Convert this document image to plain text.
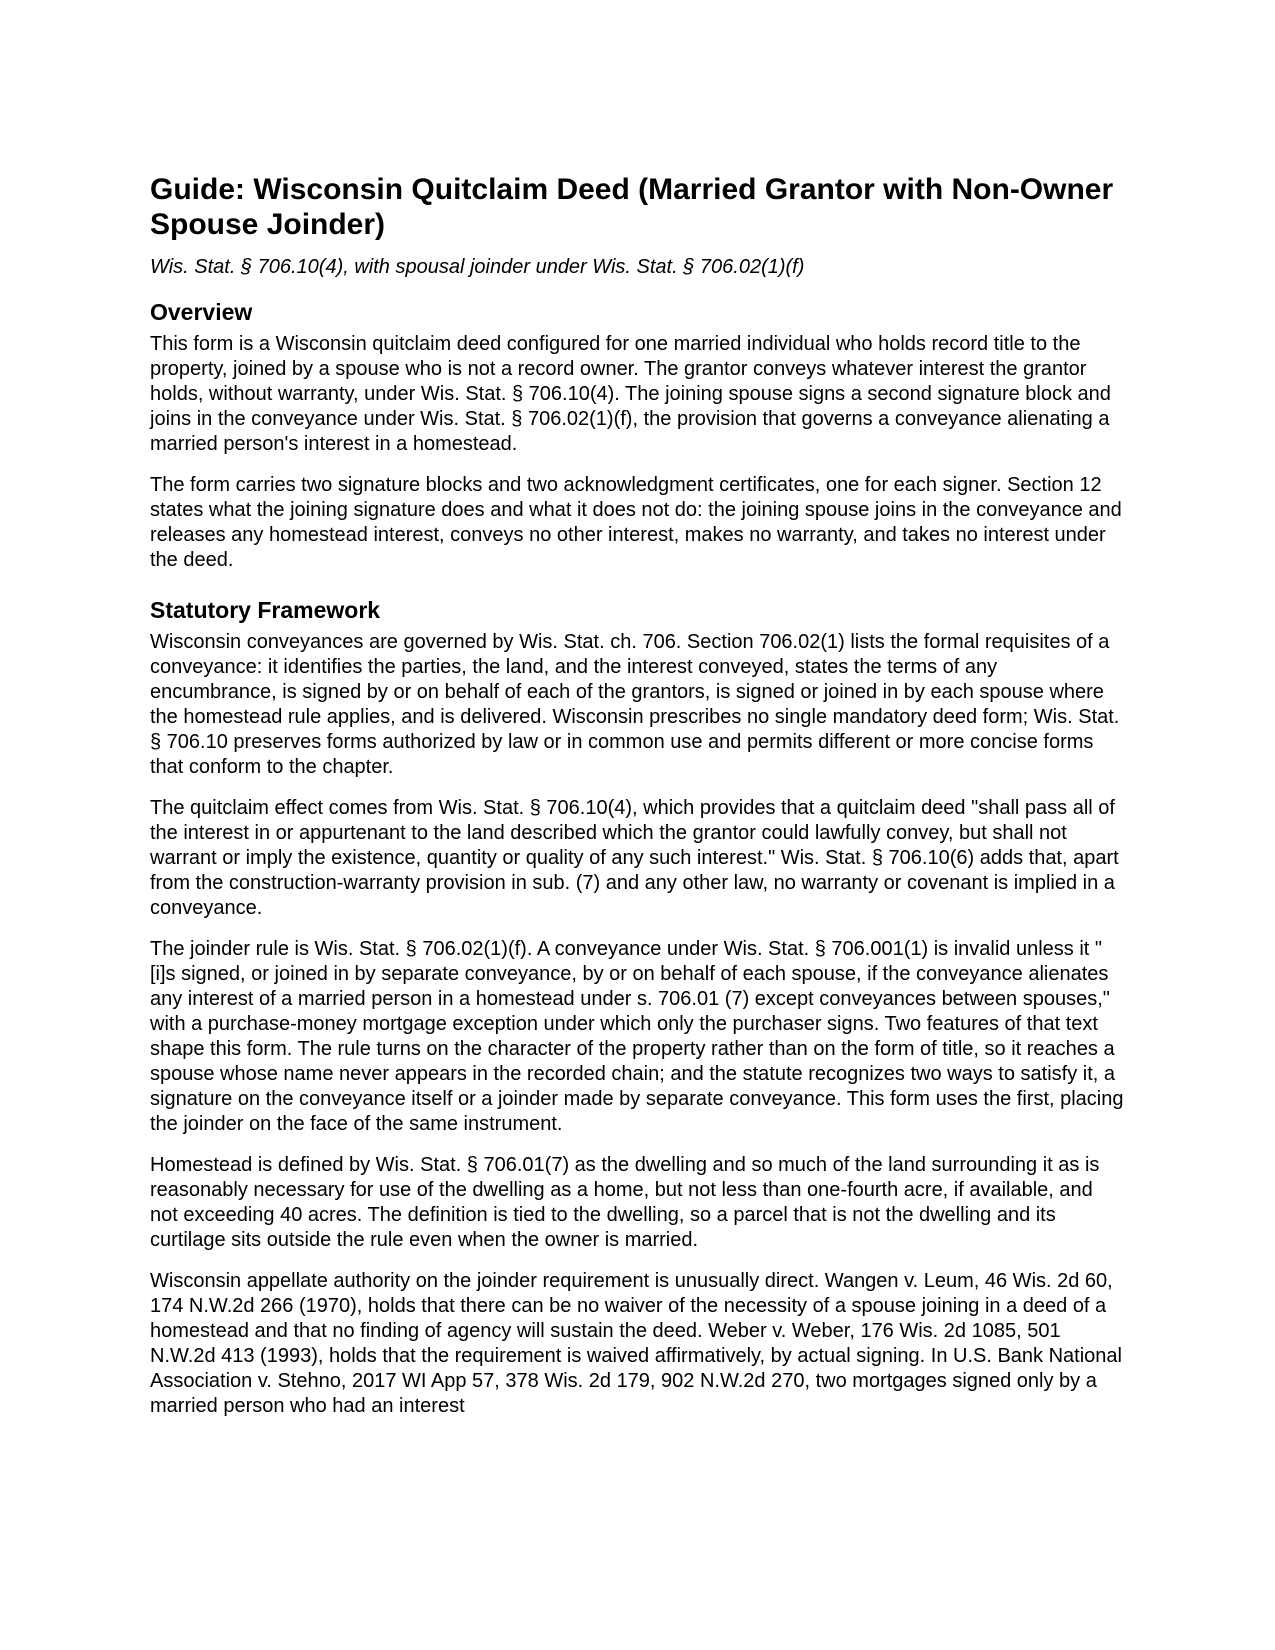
Guide: Wisconsin Quitclaim Deed (Married Grantor with Non-Owner Spouse Joinder)
Wis. Stat. § 706.10(4), with spousal joinder under Wis. Stat. § 706.02(1)(f)
Overview

This form is a Wisconsin quitclaim deed configured for one married individual who holds record title to the property, joined by a spouse who is not a record owner. The grantor conveys whatever interest the grantor holds, without warranty, under Wis. Stat. § 706.10(4). The joining spouse signs a second signature block and joins in the conveyance under Wis. Stat. § 706.02(1)(f), the provision that governs a conveyance alienating a married person's interest in a homestead.

The form carries two signature blocks and two acknowledgment certificates, one for each signer. Section 12 states what the joining signature does and what it does not do: the joining spouse joins in the conveyance and releases any homestead interest, conveys no other interest, makes no warranty, and takes no interest under the deed.

Statutory Framework

Wisconsin conveyances are governed by Wis. Stat. ch. 706. Section 706.02(1) lists the formal requisites of a conveyance: it identifies the parties, the land, and the interest conveyed, states the terms of any encumbrance, is signed by or on behalf of each of the grantors, is signed or joined in by each spouse where the homestead rule applies, and is delivered. Wisconsin prescribes no single mandatory deed form; Wis. Stat. § 706.10 preserves forms authorized by law or in common use and permits different or more concise forms that conform to the chapter.

The quitclaim effect comes from Wis. Stat. § 706.10(4), which provides that a quitclaim deed "shall pass all of the interest in or appurtenant to the land described which the grantor could lawfully convey, but shall not warrant or imply the existence, quantity or quality of any such interest." Wis. Stat. § 706.10(6) adds that, apart from the construction-warranty provision in sub. (7) and any other law, no warranty or covenant is implied in a conveyance.

The joinder rule is Wis. Stat. § 706.02(1)(f). A conveyance under Wis. Stat. § 706.001(1) is invalid unless it "[i]s signed, or joined in by separate conveyance, by or on behalf of each spouse, if the conveyance alienates any interest of a married person in a homestead under s. 706.01 (7) except conveyances between spouses," with a purchase-money mortgage exception under which only the purchaser signs. Two features of that text shape this form. The rule turns on the character of the property rather than on the form of title, so it reaches a spouse whose name never appears in the recorded chain; and the statute recognizes two ways to satisfy it, a signature on the conveyance itself or a joinder made by separate conveyance. This form uses the first, placing the joinder on the face of the same instrument.

Homestead is defined by Wis. Stat. § 706.01(7) as the dwelling and so much of the land surrounding it as is reasonably necessary for use of the dwelling as a home, but not less than one-fourth acre, if available, and not exceeding 40 acres. The definition is tied to the dwelling, so a parcel that is not the dwelling and its curtilage sits outside the rule even when the owner is married.

Wisconsin appellate authority on the joinder requirement is unusually direct. Wangen v. Leum, 46 Wis. 2d 60, 174 N.W.2d 266 (1970), holds that there can be no waiver of the necessity of a spouse joining in a deed of a homestead and that no finding of agency will sustain the deed. Weber v. Weber, 176 Wis. 2d 1085, 501 N.W.2d 413 (1993), holds that the requirement is waived affirmatively, by actual signing. In U.S. Bank National Association v. Stehno, 2017 WI App 57, 378 Wis. 2d 179, 902 N.W.2d 270, two mortgages signed only by a married person who had an interest
